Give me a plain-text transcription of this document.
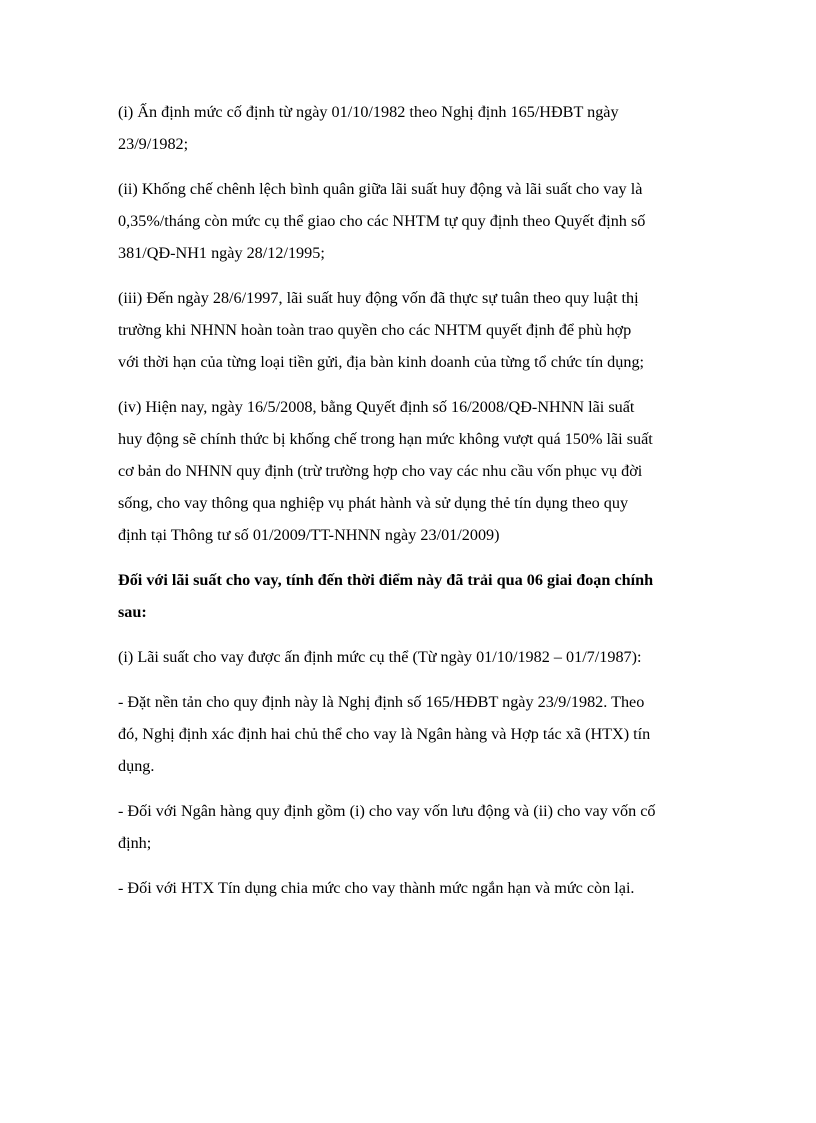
(i) Ấn định mức cố định từ ngày 01/10/1982 theo Nghị định 165/HĐBT ngày
23/9/1982;

(ii) Khống chế chênh lệch bình quân giữa lãi suất huy động và lãi suất cho vay là
0,35%/tháng còn mức cụ thể giao cho các NHTM tự quy định theo Quyết định số
381/QĐ-NH1 ngày 28/12/1995;

(iii) Đến ngày 28/6/1997, lãi suất huy động vốn đã thực sự tuân theo quy luật thị
trường khi NHNN hoàn toàn trao quyền cho các NHTM quyết định để phù hợp
với thời hạn của từng loại tiền gửi, địa bàn kinh doanh của từng tổ chức tín dụng;

(iv) Hiện nay, ngày 16/5/2008, bằng Quyết định số 16/2008/QĐ-NHNN lãi suất
huy động sẽ chính thức bị khống chế trong hạn mức không vượt quá 150% lãi suất
cơ bản do NHNN quy định (trừ trường hợp cho vay các nhu cầu vốn phục vụ đời
sống, cho vay thông qua nghiệp vụ phát hành và sử dụng thẻ tín dụng theo quy
định tại Thông tư số 01/2009/TT-NHNN ngày 23/01/2009)

Đối với lãi suất cho vay, tính đến thời điểm này đã trải qua 06 giai đoạn chính
sau:

(i) Lãi suất cho vay được ấn định mức cụ thể (Từ ngày 01/10/1982 – 01/7/1987):

- Đặt nền tản cho quy định này là Nghị định số 165/HĐBT ngày 23/9/1982. Theo
đó, Nghị định xác định hai chủ thể cho vay là Ngân hàng và Hợp tác xã (HTX) tín
dụng.

- Đối với Ngân hàng quy định gồm (i) cho vay vốn lưu động và (ii) cho vay vốn cố
định;

- Đối với HTX Tín dụng chia mức cho vay thành mức ngắn hạn và mức còn lại.
